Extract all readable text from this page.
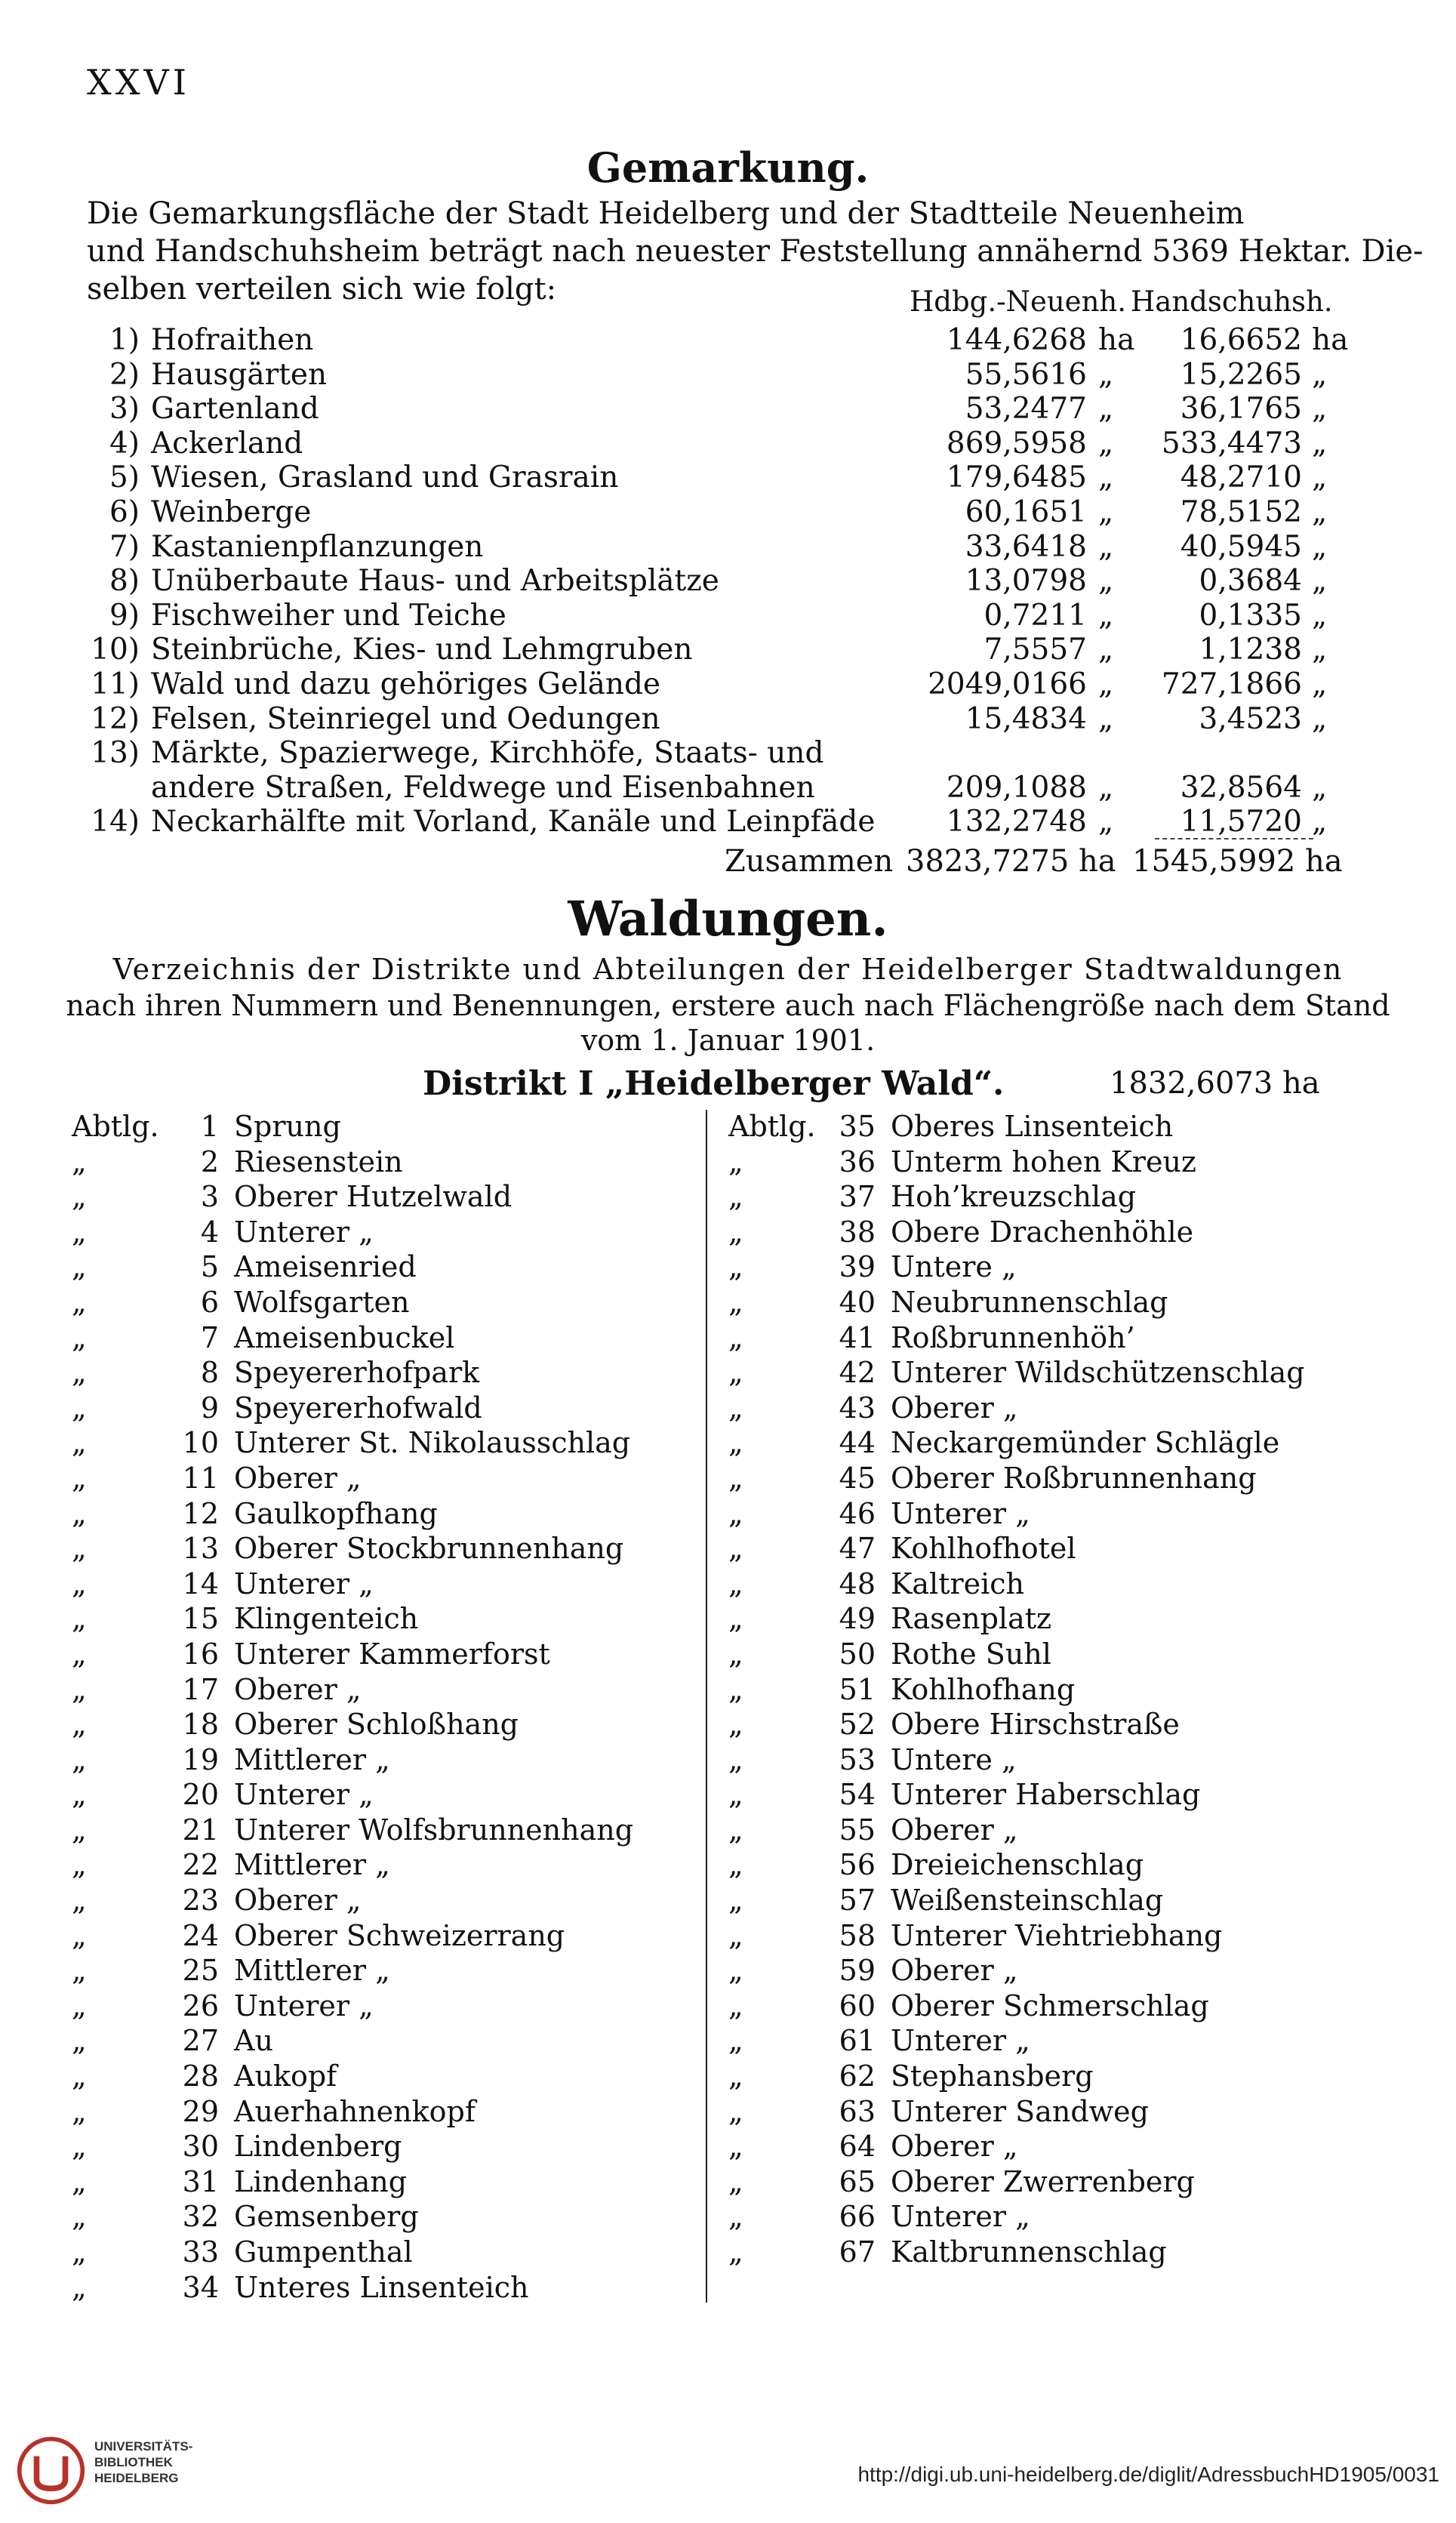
XXVI
Gemarkung.
Die Gemarkungsfläche der Stadt Heidelberg und der Stadtteile Neuenheim
und Handschuhsheim beträgt nach neuester Feststellung annähernd 5369 Hektar. Die-
selben verteilen sich wie folgt:	Hdbg.-Neuenh. Handschuhsh.
1) Hofraithen	144,6268 ha 16,6652 ha
2) Hausgärten	55,5616 „ 15,2265 „
3) Gartenland	53,2477 „ 36,1765 „
4) Ackerland	869,5958 „ 533,4473 „
5) Wiesen, Grasland und Grasrain	179,6485 „ 48,2710 „
6) Weinberge	60,1651 „ 78,5152 „
7) Kastanienpflanzungen	33,6418 „ 40,5945 „
8) Unüberbaute Haus- und Arbeitsplätze	13,0798 „	0,3684 „
9) Fischweiher und Teiche	0,7211 „	0,1335 „
10) Steinbrüche, Kies- und Lehmgruben	7,5557 „	1,1238 „
11) Wald und dazu gehöriges Gelände	2049,0166 „ 727,1866 „
12) Felsen, Steinriegel und Oedungen	15,4834 „	3,4523 „
13) Märkte, Spazierwege, Kirchhöfe, Staats- und
andere Straßen, Feldwege und Eisenbahnen	209,1088 „ 32,8564 „
14) Neckarhälfte mit Vorland, Kanäle und Leinpfäde 132,2748 „ 11,5720 „
Zusammen 3823,7275 ha 1545,5992 ha
Waldungen.
Verzeichnis der Distrikte und Abteilungen der Heidelberger Stadtwaldungen
nach ihren Nummern und Benennungen, erstere auch nach Flächengröße nach dem Stand
vom 1. Januar 1901.
Distrikt I „Heidelberger Wald“.	1832,6073 ha
Abtlg.	1 Sprung
„	2 Riesenstein
„	3 Oberer Hutzelwald
„	4 Unterer „
„	5 Ameisenried
„	6 Wolfsgarten
„	7 Ameisenbuckel
„	8 Speyererhofpark
„	9 Speyererhofwald
„	10 Unterer St. Nikolausschlag
„	11 Oberer „
„	12 Gaulkopfhang
„	13 Oberer Stockbrunnenhang
„	14 Unterer „
„	15 Klingenteich
„	16 Unterer Kammerforst
„	17 Oberer „
„	18 Oberer Schloßhang
„	19 Mittlerer „
„	20 Unterer „
„	21 Unterer Wolfsbrunnenhang
„	22 Mittlerer „
„	23 Oberer „
„	24 Oberer Schweizerrang
„	25 Mittlerer „
„	26 Unterer „
„	27 Au
„	28 Aukopf
„	29 Auerhahnenkopf
„	30 Lindenberg
„	31 Lindenhang
„	32 Gemsenberg
„	33 Gumpenthal
„	34 Unteres Linsenteich
Abtlg. 35 Oberes Linsenteich
„	36 Unterm hohen Kreuz
„	37 Hoh’kreuzschlag
„	38 Obere Drachenhöhle
„	39 Untere „
„	40 Neubrunnenschlag
„	41 Roßbrunnenhöh’
„	42 Unterer Wildschützenschlag
„	43 Oberer „
„	44 Neckargemünder Schlägle
„	45 Oberer Roßbrunnenhang
„	46 Unterer „
„	47 Kohlhofhotel
„	48 Kaltreich
„	49 Rasenplatz
„	50 Rothe Suhl
„	51 Kohlhofhang
„	52 Obere Hirschstraße
„	53 Untere „
„	54 Unterer Haberschlag
„	55 Oberer „
„	56 Dreieichenschlag
„	57 Weißensteinschlag
„	58 Unterer Viehtriebhang
„	59 Oberer „
„	60 Oberer Schmerschlag
„	61 Unterer „
„	62 Stephansberg
„	63 Unterer Sandweg
„	64 Oberer „
„	65 Oberer Zwerrenberg
„	66 Unterer „
„	67 Kaltbrunnenschlag
UNIVERSITÄTS-
BIBLIOTHEK
HEIDELBERG	http://digi.ub.uni-heidelberg.de/diglit/AdressbuchHD1905/0031
